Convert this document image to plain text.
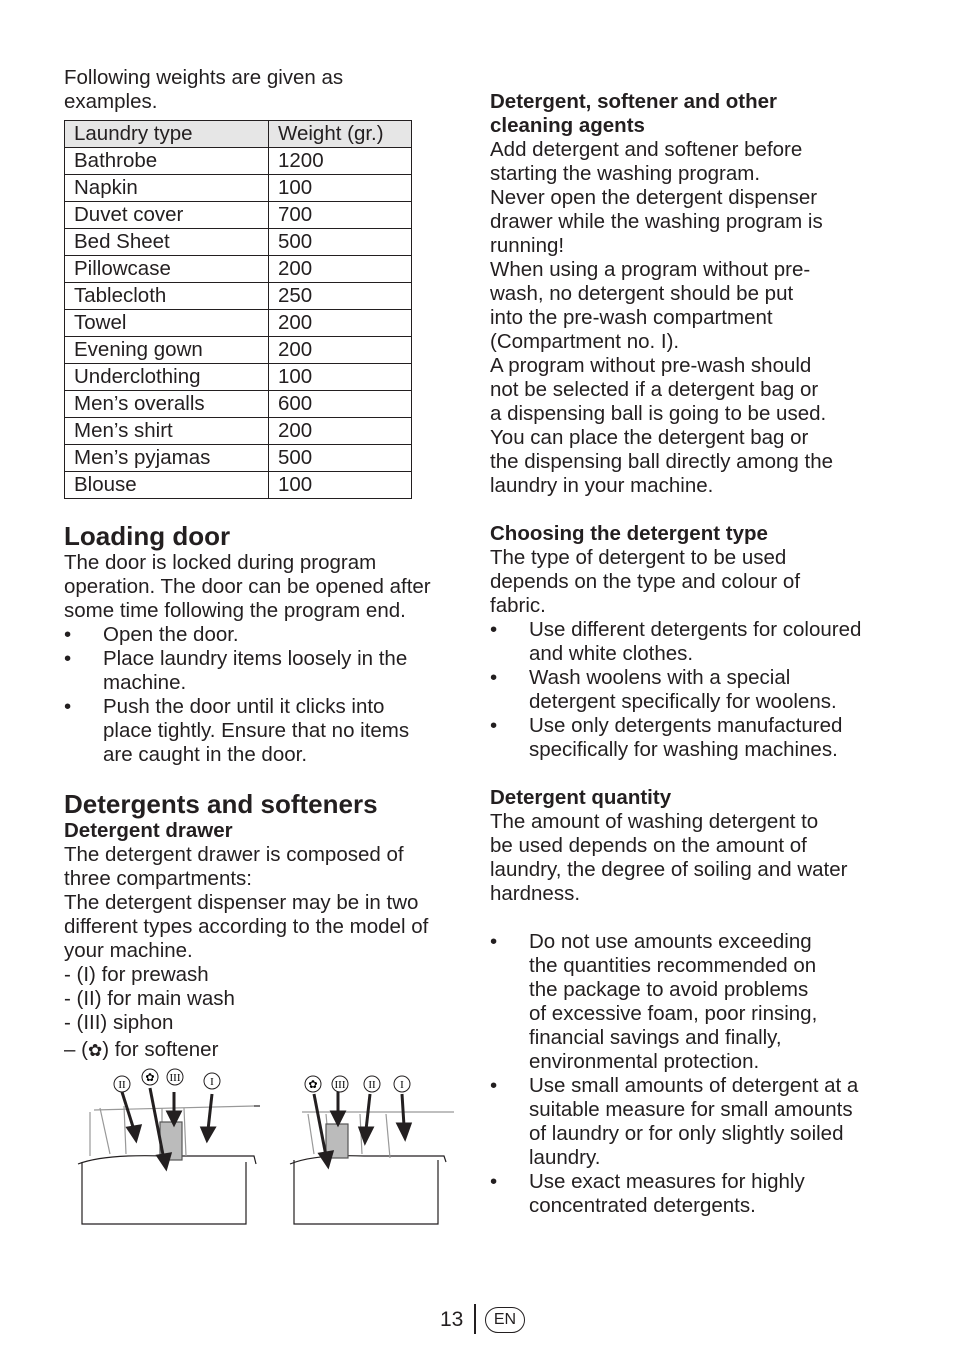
Following weights are given as

examples.

Laundry type	Weight (gr.)
Bathrobe	1200
Napkin	100
Duvet cover	700
Bed Sheet	500
Pillowcase	200
Tablecloth	250
Towel	200
Evening gown	200
Underclothing	100
Men’s overalls	600
Men’s shirt	200
Men’s pyjamas	500
Blouse	100
Loading door

The door is locked during program

operation. The door can be opened after

some time following the program end.

• Open the door.
• Place laundry items loosely in the
machine.
• Push the door until it clicks into
place tightly. Ensure that no items
are caught in the door.
Detergents and softeners
Detergent drawer

The detergent drawer is composed of

three compartments:

The detergent dispenser may be in two

different types according to the model of

your machine.

- (I) for prewash

- (II) for main wash

- (III) siphon

– (✿) for softener

II
✿ III	I	✿ III II I
Detergent, softener and other
cleaning agents

Add detergent and softener before

starting the washing program.

Never open the detergent dispenser

drawer while the washing program is

running!

When using a program without pre-

wash, no detergent should be put

into the pre-wash compartment

(Compartment no. I).

A program without pre-wash should

not be selected if a detergent bag or

a dispensing ball is going to be used.

You can place the detergent bag or

the dispensing ball directly among the

laundry in your machine.

Choosing the detergent type

The type of detergent to be used

depends on the type and colour of

fabric.

• Use different detergents for coloured
and white clothes.
• Wash woolens with a special
detergent specifically for woolens.
• Use only detergents manufactured
specifically for washing machines.
Detergent quantity

The amount of washing detergent to

be used depends on the amount of

laundry, the degree of soiling and water

hardness.

• Do not use amounts exceeding
the quantities recommended on
the package to avoid problems
of excessive foam, poor rinsing,
financial savings and finally,
environmental protection.
• Use small amounts of detergent at a
suitable measure for small amounts
of laundry or for only slightly soiled
laundry.
• Use exact measures for highly
concentrated detergents.
13	EN
